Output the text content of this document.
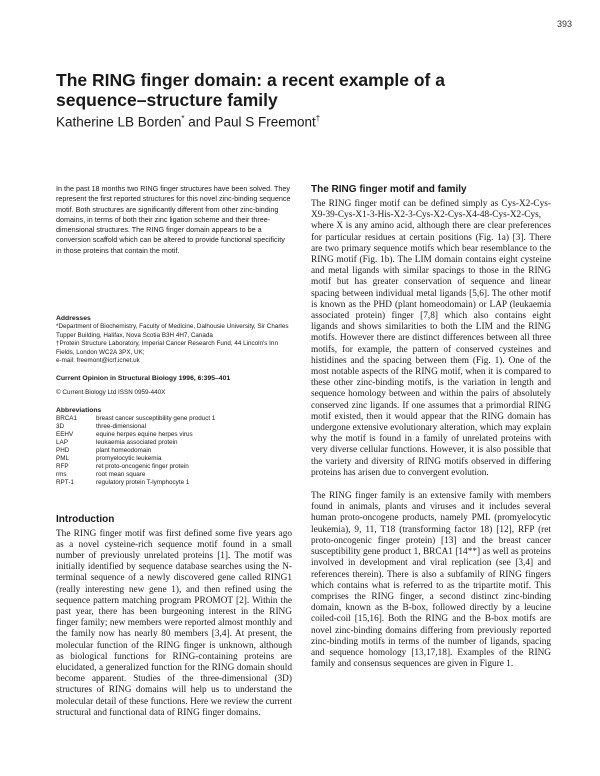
393
The RING finger domain: a recent example of a
sequence–structure family
Katherine LB Borden* and Paul S Freemont†

In the past 18 months two RING finger structures have been solved. They represent the first reported structures for this novel zinc-binding sequence motif. Both structures are significantly different from other zinc-binding domains, in terms of both their zinc ligation scheme and their three-dimensional structures. The RING finger domain appears to be a conversion scaffold which can be altered to provide functional specificity in those proteins that contain the motif.

Addresses

*Department of Biochemistry, Faculty of Medicine, Dalhousie University, Sir Charles Tupper Building, Halifax, Nova Scotia B3H 4H7, Canada

†Protein Structure Laboratory, Imperial Cancer Research Fund, 44 Lincoln's Inn Fields, London WC2A 3PX, UK;

e-mail: freemont@icrf.icnet.uk

Current Opinion in Structural Biology 1996, 6:395–401
© Current Biology Ltd ISSN 0959-440X
Abbreviations
BRCA1	breast cancer susceptibility gene product 1
3D	three-dimensional
EEHV	equine herpes equine herpes virus
LAP	leukaemia associated protein
PHD	plant homeodomain
PML	promyelocytic leukemia
RFP	ret proto-oncogenic finger protein
rms	root mean square
RPT-1	regulatory protein T-lymphocyte 1
Introduction

The RING finger motif was first defined some five years ago as a novel cysteine-rich sequence motif found in a small number of previously unrelated proteins [1]. The motif was initially identified by sequence database searches using the N-terminal sequence of a newly discovered gene called RING1 (really interesting new gene 1), and then refined using the sequence pattern matching program PROMOT [2]. Within the past year, there has been burgeoning interest in the RING finger family; new members were reported almost monthly and the family now has nearly 80 members [3,4]. At present, the molecular function of the RING finger is unknown, although as biological functions for RING-containing proteins are elucidated, a generalized function for the RING domain should become apparent. Studies of the three-dimensional (3D) structures of RING domains will help us to understand the molecular detail of these functions. Here we review the current structural and functional data of RING finger domains.

The RING finger motif and family

The RING finger motif can be defined simply as Cys-X2-Cys-X9-39-Cys-X1-3-His-X2-3-Cys-X2-Cys-X4-48-Cys-X2-Cys, where X is any amino acid, although there are clear preferences for particular residues at certain positions (Fig. 1a) [3]. There are two primary sequence motifs which bear resemblance to the RING motif (Fig. 1b). The LIM domain contains eight cysteine and metal ligands with similar spacings to those in the RING motif but has greater conservation of sequence and linear spacing between individual metal ligands [5,6]. The other motif is known as the PHD (plant homeodomain) or LAP (leukaemia associated protein) finger [7,8] which also contains eight ligands and shows similarities to both the LIM and the RING motifs. However there are distinct differences between all three motifs, for example, the pattern of conserved cysteines and histidines and the spacing between them (Fig. 1). One of the most notable aspects of the RING motif, when it is compared to these other zinc-binding motifs, is the variation in length and sequence homology between and within the pairs of absolutely conserved zinc ligands. If one assumes that a primordial RING motif existed, then it would appear that the RING domain has undergone extensive evolutionary alteration, which may explain why the motif is found in a family of unrelated proteins with very diverse cellular functions. However, it is also possible that the variety and diversity of RING motifs observed in differing proteins has arisen due to convergent evolution.

The RING finger family is an extensive family with members found in animals, plants and viruses and it includes several human proto-oncogene products, namely PML (promyelocytic leukemia), 9, 11, T18 (transforming factor 18) [12], RFP (ret proto-oncogenic finger protein) [13] and the breast cancer susceptibility gene product 1, BRCA1 [14**] as well as proteins involved in development and viral replication (see [3,4] and references therein). There is also a subfamily of RING fingers which contains what is referred to as the tripartite motif. This comprises the RING finger, a second distinct zinc-binding domain, known as the B-box, followed directly by a leucine coiled-coil [15,16]. Both the RING and the B-box motifs are novel zinc-binding domains differing from previously reported zinc-binding motifs in terms of the number of ligands, spacing and sequence homology [13,17,18]. Examples of the RING family and consensus sequences are given in Figure 1.
